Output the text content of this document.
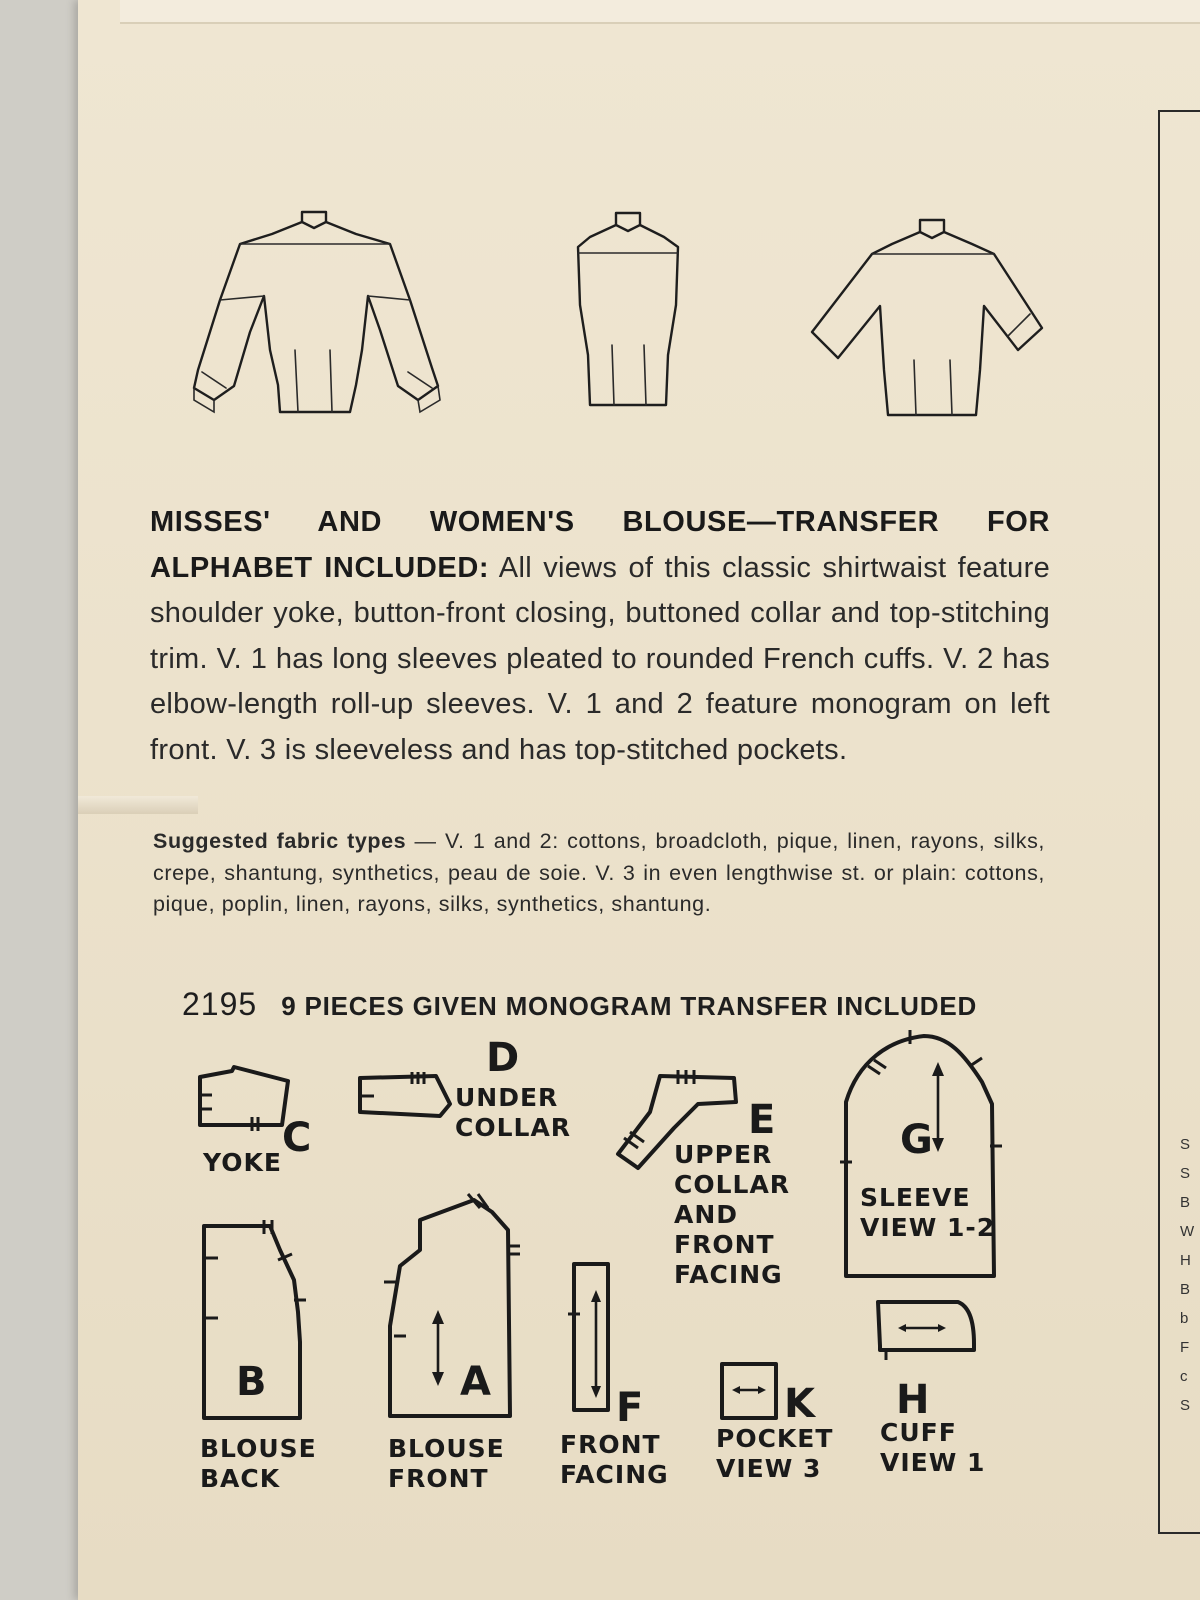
S
S
B
W
H
B
b
F
c
S
MISSES' AND WOMEN'S BLOUSE—TRANSFER FOR ALPHABET INCLUDED: All views of this classic shirtwaist feature shoulder yoke, button-front closing, buttoned collar and top-stitching trim. V. 1 has long sleeves pleated to rounded French cuffs. V. 2 has elbow-length roll-up sleeves. V. 1 and 2 feature monogram on left front. V. 3 is sleeveless and has top-stitched pockets.
Suggested fabric types — V. 1 and 2: cottons, broadcloth, pique, linen, rayons, silks, crepe, shantung, synthetics, peau de soie. V. 3 in even lengthwise st. or plain: cottons, pique, poplin, linen, rayons, silks, synthetics, shantung.
2195 9 PIECES GIVEN MONOGRAM TRANSFER INCLUDED
C
YOKE
D
UNDER
COLLAR	E
UPPER
COLLAR
AND
FRONT
FACING
G
SLEEVE
VIEW 1-2
B
BLOUSE
BACK
A
BLOUSE
FRONT
F
FRONT
FACING
K
POCKET
VIEW 3
H
CUFF
VIEW 1
